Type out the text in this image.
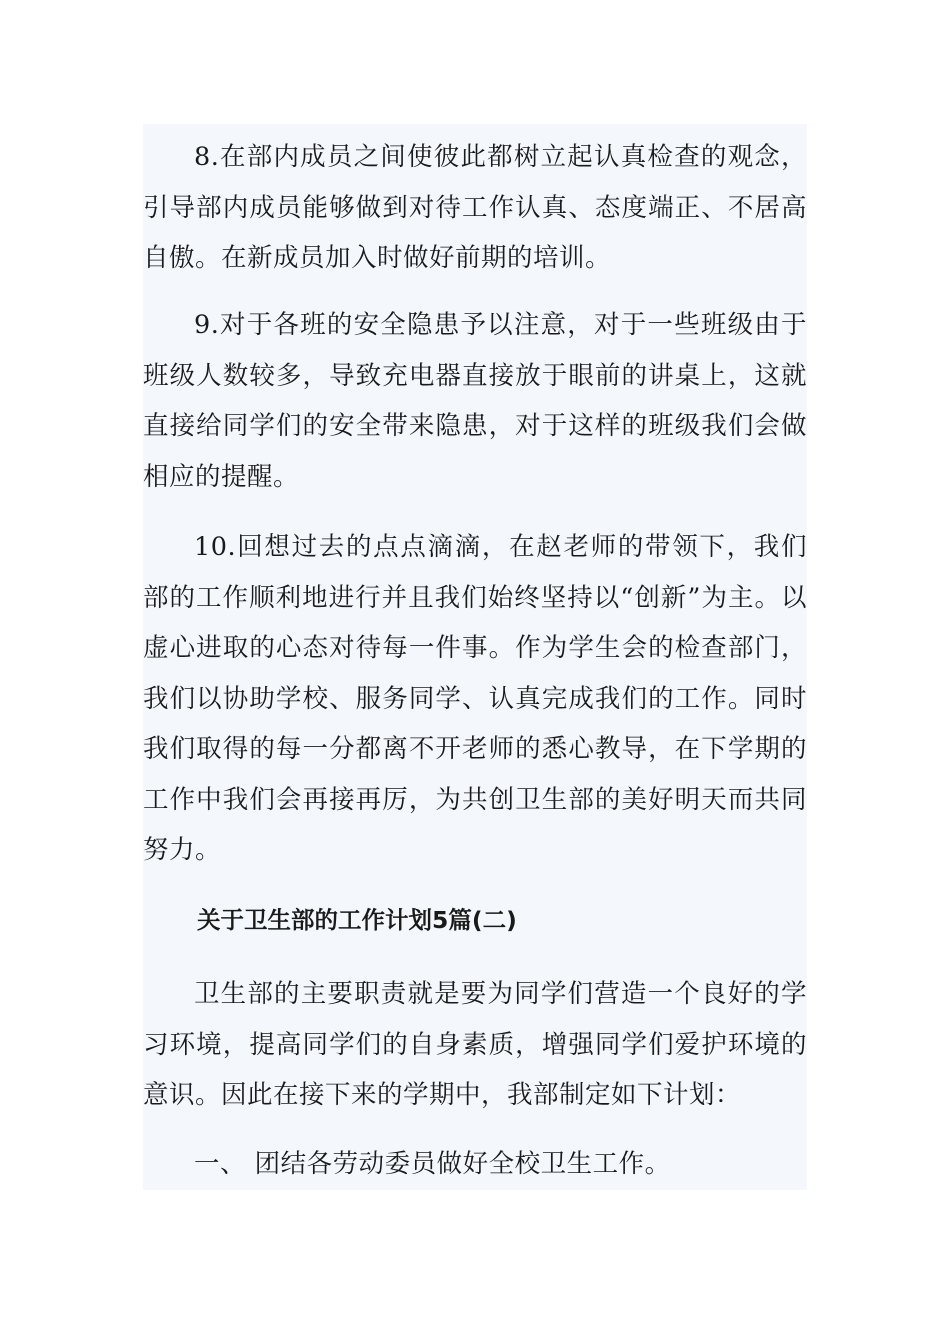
8.在部内成员之间使彼此都树立起认真检查的观念，引导部内成员能够做到对待工作认真、态度端正、不居高自傲。在新成员加入时做好前期的培训。

9.对于各班的安全隐患予以注意，对于一些班级由于班级人数较多，导致充电器直接放于眼前的讲桌上，这就直接给同学们的安全带来隐患，对于这样的班级我们会做相应的提醒。

10.回想过去的点点滴滴，在赵老师的带领下，我们部的工作顺利地进行并且我们始终坚持以“创新”为主。以虚心进取的心态对待每一件事。作为学生会的检查部门，我们以协助学校、服务同学、认真完成我们的工作。同时我们取得的每一分都离不开老师的悉心教导，在下学期的工作中我们会再接再厉，为共创卫生部的美好明天而共同努力。

关于卫生部的工作计划5篇(二)

卫生部的主要职责就是要为同学们营造一个良好的学习环境，提高同学们的自身素质，增强同学们爱护环境的意识。因此在接下来的学期中，我部制定如下计划：

一、 团结各劳动委员做好全校卫生工作。
